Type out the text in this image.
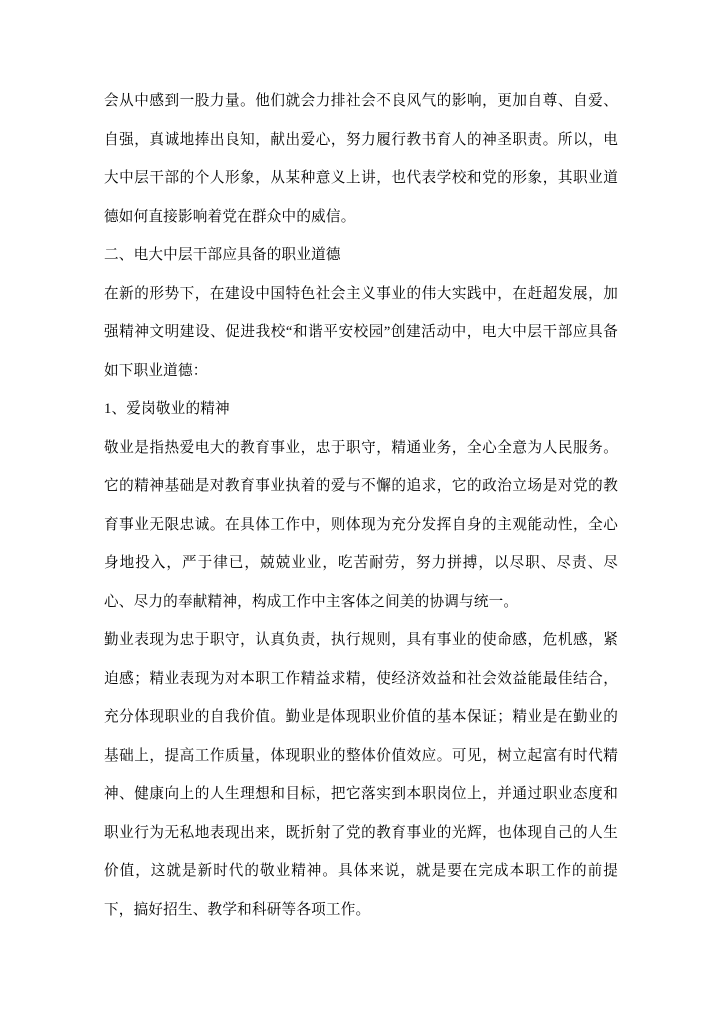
会从中感到一股力量。他们就会力排社会不良风气的影响，更加自尊、自爱、自强，真诚地捧出良知，献出爱心，努力履行教书育人的神圣职责。所以，电大中层干部的个人形象，从某种意义上讲，也代表学校和党的形象，其职业道德如何直接影响着党在群众中的威信。

二、电大中层干部应具备的职业道德

在新的形势下，在建设中国特色社会主义事业的伟大实践中，在赶超发展，加强精神文明建设、促进我校“和谐平安校园”创建活动中，电大中层干部应具备如下职业道德：

1、爱岗敬业的精神

敬业是指热爱电大的教育事业，忠于职守，精通业务，全心全意为人民服务。它的精神基础是对教育事业执着的爱与不懈的追求，它的政治立场是对党的教育事业无限忠诚。在具体工作中，则体现为充分发挥自身的主观能动性，全心身地投入，严于律已，兢兢业业，吃苦耐劳，努力拼搏，以尽职、尽责、尽心、尽力的奉献精神，构成工作中主客体之间美的协调与统一。

勤业表现为忠于职守，认真负责，执行规则，具有事业的使命感，危机感，紧迫感；精业表现为对本职工作精益求精，使经济效益和社会效益能最佳结合，充分体现职业的自我价值。勤业是体现职业价值的基本保证；精业是在勤业的基础上，提高工作质量，体现职业的整体价值效应。可见，树立起富有时代精神、健康向上的人生理想和目标，把它落实到本职岗位上，并通过职业态度和职业行为无私地表现出来，既折射了党的教育事业的光辉，也体现自己的人生价值，这就是新时代的敬业精神。具体来说，就是要在完成本职工作的前提下，搞好招生、教学和科研等各项工作。
